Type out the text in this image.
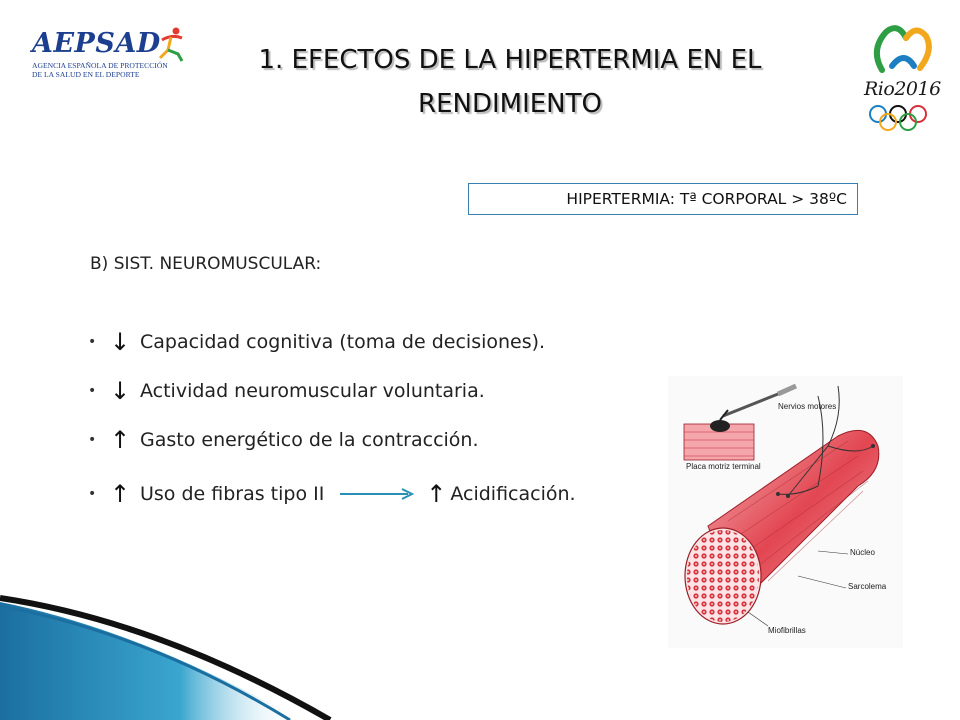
AEPSAD
AGENCIA ESPAÑOLA DE PROTECCIÓN
DE LA SALUD EN EL DEPORTE	1. EFECTOS DE LA HIPERTERMIA EN EL
RENDIMIENTO	Rio2016
HIPERTERMIA: Tª CORPORAL > 38ºC
B) SIST. NEUROMUSCULAR:
• ↓ Capacidad cognitiva (toma de decisiones).
• ↓ Actividad neuromuscular voluntaria.
• ↑ Gasto energético de la contracción.
• ↑ Uso de fibras tipo II	↑ Acidificación.
Nervios motores
Placa motriz terminal
Núcleo
Sarcolema
Miofibrillas
